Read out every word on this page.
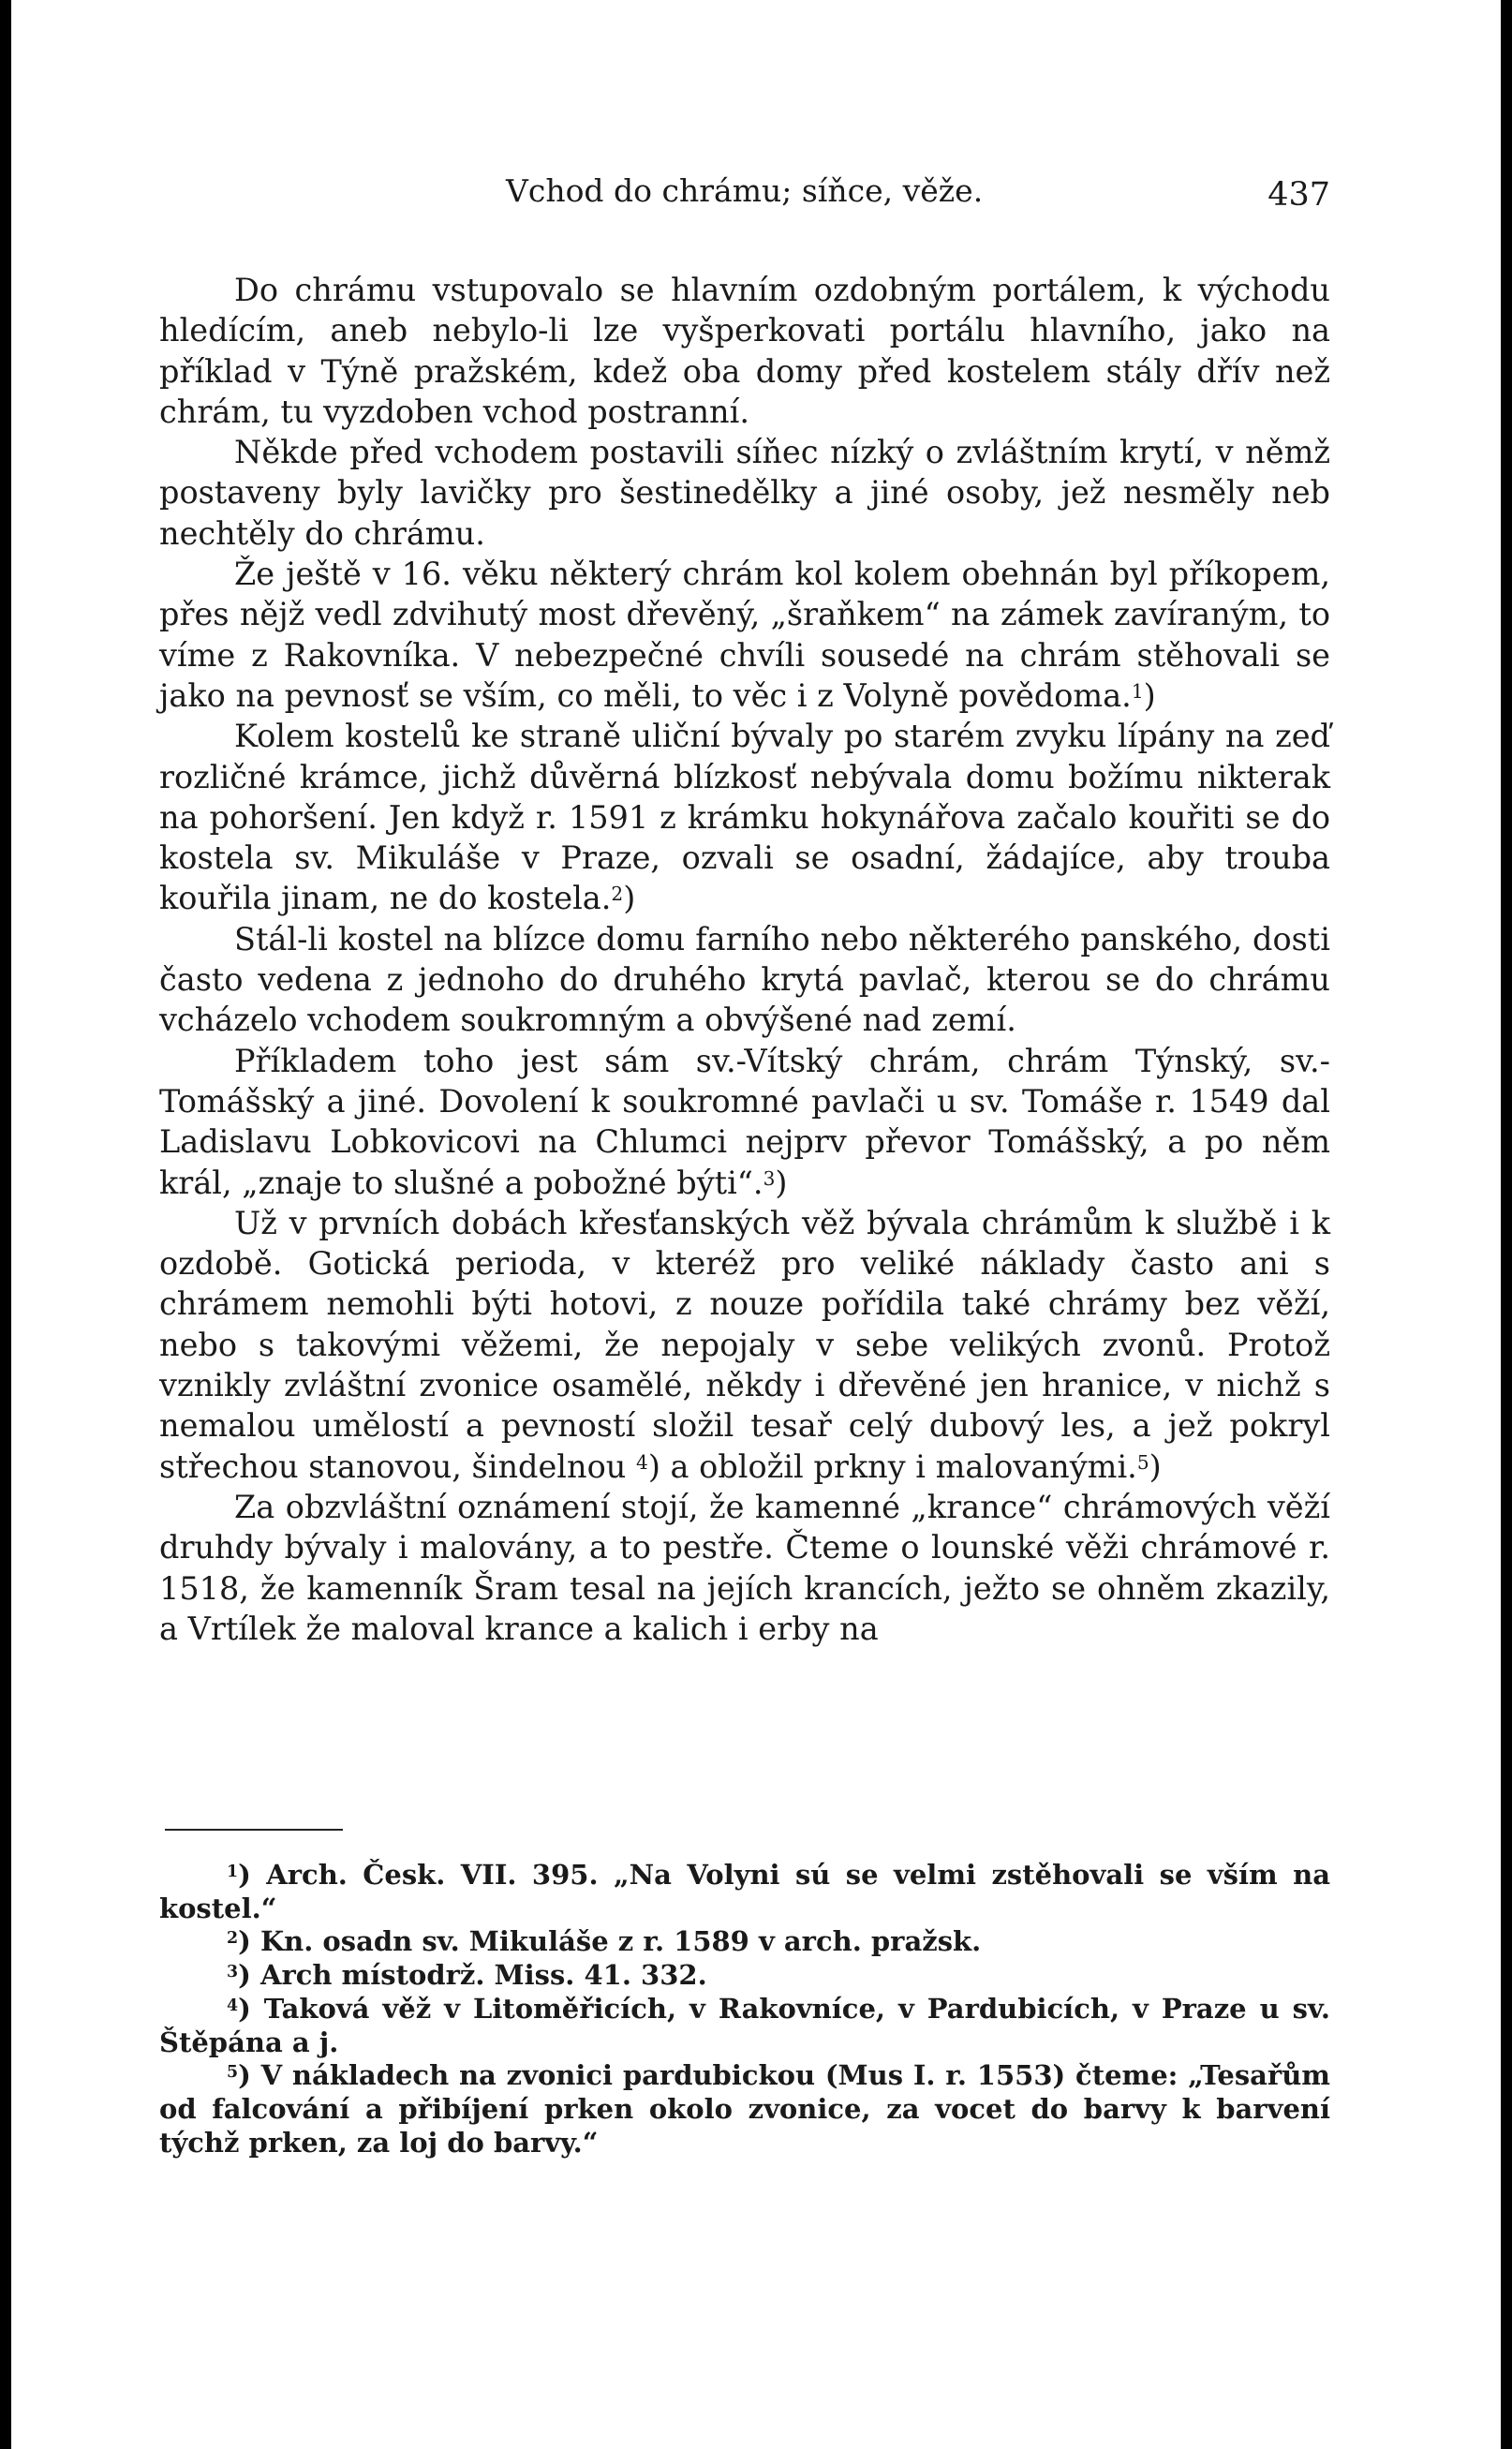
Vchod do chrámu; síňce, věže.	437

Do chrámu vstupovalo se hlavním ozdobným portálem, k východu hledícím, aneb nebylo-li lze vyšperkovati portálu hlavního, jako na příklad v Týně pražském, kdež oba domy před kostelem stály dřív než chrám, tu vyzdoben vchod postranní.

Někde před vchodem postavili síňec nízký o zvláštním krytí, v němž postaveny byly lavičky pro šestinedělky a jiné osoby, jež nesměly neb nechtěly do chrámu.

Že ještě v 16. věku některý chrám kol kolem obehnán byl příkopem, přes nějž vedl zdvihutý most dřevěný, „šraňkem“ na zámek zavíraným, to víme z Rakovníka. V nebezpečné chvíli sousedé na chrám stěhovali se jako na pevnosť se vším, co měli, to věc i z Volyně povědoma.$^1$)

Kolem kostelů ke straně uliční bývaly po starém zvyku lípány na zeď rozličné krámce, jichž důvěrná blízkosť nebývala domu božímu nikterak na pohoršení. Jen když r. 1591 z krámku hokynářova začalo kouřiti se do kostela sv. Mikuláše v Praze, ozvali se osadní, žádajíce, aby trouba kouřila jinam, ne do kostela.$^2$)

Stál-li kostel na blízce domu farního nebo některého panského, dosti často vedena z jednoho do druhého krytá pavlač, kterou se do chrámu vcházelo vchodem soukromným a obvýšené nad zemí.

Příkladem toho jest sám sv.-Vítský chrám, chrám Týnský, sv.-Tomášský a jiné. Dovolení k soukromné pavlači u sv. Tomáše r. 1549 dal Ladislavu Lobkovicovi na Chlumci nejprv převor Tomášský, a po něm král, „znaje to slušné a pobožné býti“.$^3$)

Už v prvních dobách křesťanských věž bývala chrámům k službě i k ozdobě. Gotická perioda, v kteréž pro veliké náklady často ani s chrámem nemohli býti hotovi, z nouze pořídila také chrámy bez věží, nebo s takovými věžemi, že nepojaly v sebe velikých zvonů. Protož vznikly zvláštní zvonice osamělé, někdy i dřevěné jen hranice, v nichž s nemalou umělostí a pevností složil tesař celý dubový les, a jež pokryl střechou stanovou, šindelnou $^4$) a obložil prkny i malovanými.$^5$)

Za obzvláštní oznámení stojí, že kamenné „krance“ chrámových věží druhdy bývaly i malovány, a to pestře. Čteme o lounské věži chrámové r. 1518, že kamenník Šram tesal na jejích krancích, ježto se ohněm zkazily, a Vrtílek že maloval krance a kalich i erby na

$^1$) Arch. Česk. VII. 395. „Na Volyni sú se velmi zstěhovali se vším na kostel.“

$^2$) Kn. osadn sv. Mikuláše z r. 1589 v arch. pražsk.

$^3$) Arch místodrž. Miss. 41. 332.

$^4$) Taková věž v Litoměřicích, v Rakovníce, v Pardubicích, v Praze u sv. Štěpána a j.

$^5$) V nákladech na zvonici pardubickou (Mus I. r. 1553) čteme: „Tesařům od falcování a přibíjení prken okolo zvonice, za vocet do barvy k barvení týchž prken, za loj do barvy.“
